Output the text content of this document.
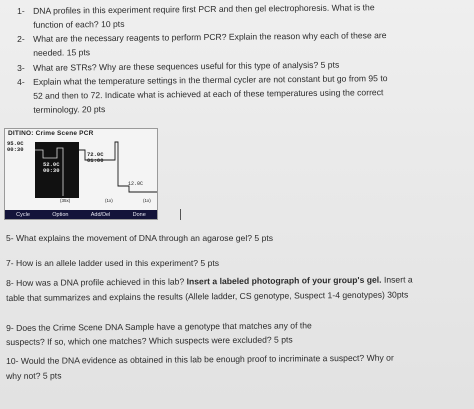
1- DNA profiles in this experiment require first PCR and then gel electrophoresis. What is the
function of each? 10 pts
2- What are the necessary reagents to perform PCR? Explain the reason why each of these are
needed. 15 pts
3- What are STRs? Why are these sequences useful for this type of analysis? 5 pts
4- Explain what the temperature settings in the thermal cycler are not constant but go from 95 to
52 and then to 72. Indicate what is achieved at each of these temperatures using the correct
terminology. 20 pts
DITINO: Crime Scene PCR
95.0C
00:30
52.0C
00:30
(35x)
72.0C
01:00
12.0C
(1x)	(1x)
Cycle	Option	Add/Del	Done
5- What explains the movement of DNA through an agarose gel? 5 pts
7- How is an allele ladder used in this experiment? 5 pts
8- How was a DNA profile achieved in this lab? Insert a labeled photograph of your group's gel. Insert a
table that summarizes and explains the results (Allele ladder, CS genotype, Suspect 1-4 genotypes) 30pts
9- Does the Crime Scene DNA Sample have a genotype that matches any of the
suspects? If so, which one matches? Which suspects were excluded? 5 pts
10- Would the DNA evidence as obtained in this lab be enough proof to incriminate a suspect? Why or
why not? 5 pts
